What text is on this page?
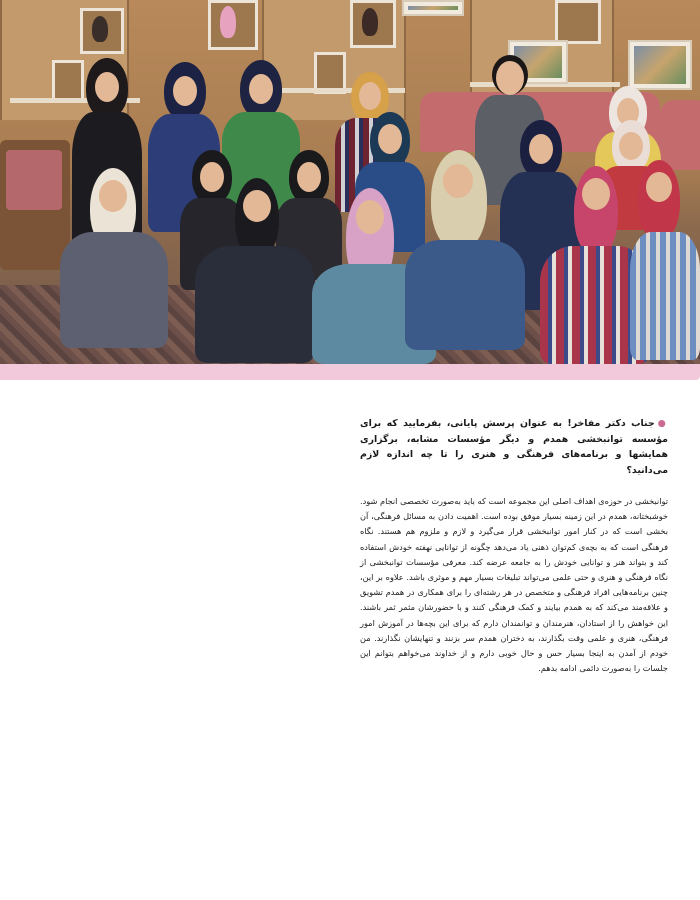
●جناب دکتر مفاخر! به عنوان پرسش پایانی، بفرمایید که برای مؤسسه توانبخشی همدم و دیگر مؤسسات مشابه، برگزاری همایشها و برنامه‌های فرهنگی و هنری را تا چه اندازه لازم می‌دانید؟

توانبخشی در حوزه‌ی اهداف اصلی این مجموعه است که باید به‌صورت تخصصی انجام شود. خوشبختانه، همدم در این زمینه بسیار موفق بوده است. اهمیت دادن به مسائل فرهنگی، آن بخشی است که در کنار امور توانبخشی قرار می‌گیرد و لازم و ملزوم هم هستند. نگاه فرهنگی است که به بچه‌ی کم‌توان ذهنی یاد می‌دهد چگونه از توانایی نهفته خودش استفاده کند و بتواند هنر و توانایی خودش را به جامعه عرضه کند. معرفی مؤسسات توانبخشی از نگاه فرهنگی و هنری و حتی علمی می‌تواند تبلیغات بسیار مهم و موثری باشد. علاوه بر این، چنین برنامه‌هایی افراد فرهنگی و متخصص در هر رشته‌ای را برای همکاری در همدم تشویق و علاقه‌مند می‌کند که به همدم بیایند و کمک فرهنگی کنند و با حضورشان مثمر ثمر باشند. این خواهش را از استادان، هنرمندان و توانمندان دارم که برای این بچه‌ها در آموزش امور فرهنگی، هنری و علمی وقت بگذارند، به دختران همدم سر بزنند و تنهایشان نگذارند. من خودم از آمدن به اینجا بسیار حس و حال خوبی دارم و از خداوند می‌خواهم بتوانم این جلسات را به‌صورت دائمی ادامه بدهم.
